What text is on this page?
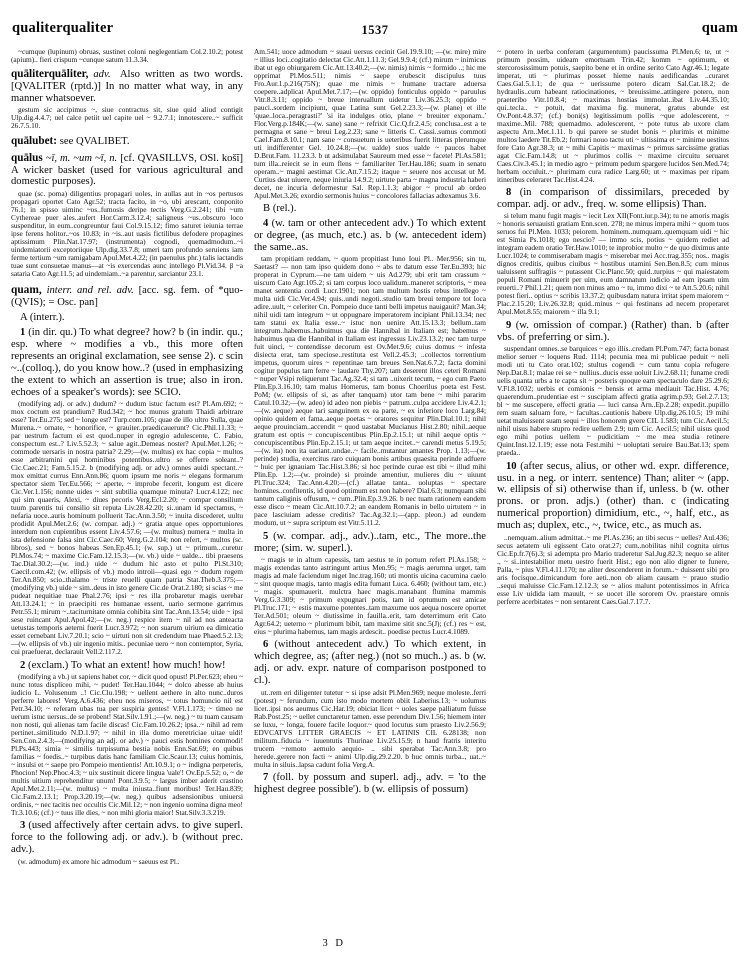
qualiterqualiter	1537	quam

~cumque (lupinum) obruas, sustinet coloni neglegentiam Col.2.10.2; potest (apium).. fieri crispum ~cunque satum 11.3.34.

quāliterquāliter, adv. Also written as two words. [QVALITER (rptd.)] In no matter what way, in any manner whatsoever.

gestum sic accipimus ~, siue contractus sit, siue quid aliud contigit Ulp.dig.4.4.7; uel calce petiit uel capite uel ~ 9.2.7.1; innotescere..~ sufficit 26.7.5.10.

quālubet: see QVALIBET.

quālus ~ī, m. ~um ~ī, n. [cf. QVASILLVS, OSl. košĭ] A wicker basket (used for various agricultural and domestic purposes).

quae (sc. poma) diligentius propagari uoles, in aullas aut in ~os pertusos propagari oportet Cato Agr.52; tracta facito, in ~o, ubi arescant, conponito 76.1; in spisso uiminc ~os..fumosis deripe tectis Verg.G.2.241; tibi ~um Cythereae puer ales..aufert Hor.Carm.3.12.4; saligneus ~us..obscuro loco suspenditur, in eum..congreuntur faui Col.9.15.12; fimo saturet ieiunia terrae ipse ferens holitor..~os 10.83; in ~is..aut uasis fictilibus defodere propagines aptissimum Plin.Nat.17.97; (instrumenta) cognodi, quemadmodum..~i uindemiatorii exceptoriique Ulp.dig.33.7.8; umeri tam profundo seruiens iam ferme tertium ~um ramigabam Apul.Met.4.22; (in paenulus phr.) talis iactandis tuae sunt consuetae manus—at ~is exercendas aunc intellego Pl.Vid.34. β ~a sataria Cato Agr.11.5; ad uindemiam..~a parentur, sarciantur 23.1.

quam, interr. and rel. adv. [acc. sg. fem. of *quo- (QVIS); = Osc. pan]

A (interr.).

1 (in dir. qu.) To what degree? how? b (in indir. qu.; esp. where ~ modifies a vb., this more often represents an original exclamation, see sense 2). c scin ~..(colloq.), do you know how..? (used in emphasizing the extent to which an assertion is true; also in iron. echoes of a speaker's words): see SCIO.

(modifying adj. or adv.) dudum? ~ dudum istuc factum est? Pl.Am.692; ~ mox coctum est prandium? Rud.342; ~ hoc munus gratum Thaidi arbitrare esse? Ter.Eu.275; sed ~ longe est? Turp.com.105; quae de illo ultro Sulla, quae Murena..~ ornate, ~ honorifice, ~ grauiter..praedicauerunt? Cic.Phil.11.33; ~ par uestrum factum ei est quod..nuper in egregio adulescente, C. Fabio, conspectum est..? Liv.5.52.3; ~ salue agit..Demeas noster? Apul.Met.1.26; ~ commode uersaris in nostra patria? 2.29;—(w. multus) ex hac copia ~ multos esse arbitramini qui hominibus potentibus..ultro se offerre soleant..? Cic.Caec.21; Fam.5.15.2. b (modifying adj. or adv.) omnes auidi spectant..~ mox emittat currus Enn.Ann.86; quom ipsum me noris ~ elegans formarum spectator siem Ter.Eu.566; ~ aperte, ~ improbe fecerit, longum est dicere Cic.Ver.1.156; nonne uides ~ sint subtilia quamque minuta? Lucr.4.122; nec qui sim quaeris, Alexi, ~ diues pecoris Verg.Ecl.2.20; ~ compar consilium tuum parentis tui consilio sit reputa Liv.28.42.20; si..unam id spectamus, ~ nefaria uoce..auris hominum polluerit Tac.Ann.3.50; ~ inuita discederet, uultu prodidit Apul.Met.2.6; (w. compar. adj.) ~ gratia atque opes opportuniores interdum non cupientibus essent Liv.4.57.6; —(w. multus) numera ~ multa in ista defensione falsa sint Cic.Caec.60; Verg.G.2.104; non refert, ~ multos (sc. libros), sed ~ bonos habeas Sen.Ep.45.1; (w. sup.) ut ~ primum...curetur Pl.Mos.74; ~ maxime Cic.Fam.12.15.3;—(w. vb.) uide ~ ualde... tibi praesens Tac.Dial.30.2;—(w. ind.) uide ~ dudum hic asto et pulto Pl.St.310; Caecil.com.42; (w. ellipsis of vb.) modo introii—quasi ego ~ dudum rogem Ter.An.850; scio..thalamo ~ triste reuelli quam patria Stat.Theb.3.375;—(modifying vb.) uide ~ sim..deus in isto genere Cic.de Orat.2.180; si scias ~ me pudeat nequitiae tuae Phal.2.76; ipsi ~ res illa probaretur magis uerebar Att.13.24.1; ~ in praecipiti res humanae essent, uario sermone garrimus Petr.55.1; mirum ~..taciturnitate omnia cohibita sint Tac.Ann.13.54; uide ~ ipsi sese ruincant Apul.Apol.42;—(w. neg.) respice item ~ nil ad nos anteacta uetustas temporis aeterni fuerit Lucr.3.972; ~ non suarum uirium ea dimicatio esset cernebant Liv.7.20.1; scio ~ uirtuti non sit credendum tuae Phaed.5.2.13;—(w. ellipsis of vb.) uir ingenio mitis.. pecuniae uero ~ non contemptor, Syria, cui praefuerat, declarauit Vell.2.117.2.

2 (exclam.) To what an extent! how much! how!

(modifying a vb.) ut sapiens habet cor, ~ dicit quod opust! Pl.Per.623; eheu ~ nunc totus displiceo mihi, ~ pudet! Ter.Hau.1044; ~ dolco abesse ab huius iudicio L. Volusenum ..! Cic.Clu.198; ~ uellent aethere in alto nunc..duros perferre labores! Verg.A.6.436; eheu nos miseros, ~ totus homuncio nil est Petr.34.10; ~ referam ubas tua per suspiria gentes! V.Fl.1.173; ~ timeo ne uerum istuc uersus..de se probent! Stat.Silv.1.91.;—(w. neg.) ~ tu tuam causam non nosti, qui alienas tam facile discas! Cic.Fam.10.26.2; ipsa..~ nihil ad rem pertinet..similitudo N.D.1.97; ~ nihil in illa domo meretriciae uitae uidi! Sen.Con.2.4.3;—(modifying an adj. or adv.) ~ pauci estis homines commodi! Pl.Ps.443; simia ~ similis turpissuma bestia nobis Enn.Sat.69; en quibus familias ~ foedis..~ turpibus datis hanc familiam Cic.Scaur.13; cuius hominis, ~ insulsi et ~ saepe pro Pompeio mentientis! Att.10.9.1; o ~ indigna perpeteris, Phocion! Nep.Phoc.4.3; ~ uix sustinuit dicere lingua 'uale'! Ov.Ep.5.52; o, ~ de multis uitium reprehenditur unum! Pont.3.9.5; ~ largus imber aderit crastino Apul.Met.2.11;—(w. multus) ~ multa iniusta..fiunt moribus! Ter.Hau.839; Cic.Fam.2.13.1; Prop.3.20.19;—(w. neg.) quibus adsensionibus uniuersi ordinis, ~ nec tacitis nec occultis Cic.Mil.12; ~ non ingenio uomina digna meo! Tr.3.10.6; (cf.) ~ tuus ille dies, ~ non mihi gloria maior! Stat.Silv.3.3.219.

3 (used affectively after certain advs. to give superl. force to the following adj. or adv.). b (without prec. adv.).

(w. admodum) ex amore hic admodum ~ saeuus est Pl..

Am.541; uoce admodum ~ suaui uersus cecinit Gel.19.9.10; —(w. mire) mire ~ illius loci..cogitatio delectat Cic.Att.1.11.3; Gel.9.9.4; (cf.) mirum ~ inimicus ibat ut ego obiurgarem Cic.Att.13.40.2;—(w. nimis) nimis ~ formido ..; hic me opprimat Pl.Mos.511; nimis ~ saepe erubescit discipulus tuus Fro.Aur.1.p.216(75N); quae me nimis ~ humane tractare aduersa coepere..adplicat Apul.Met.7.17;—(w. oppido) fonticulus oppido ~ paruulus Vitr.8.3.11; oppido ~ breue interuallum uidetur Liv.36.25.3; oppido ~ pauci..sordem incipiunt, quae Latina sunt Gel.2.23.3;—(w. plane) et ille 'quae..loca..peragrasti?' 'si ita indulges otio, plane ~ breuiter exponam..' Flor.Verg.p.184K;—(w. sane) sane ~ refrixit Cic.Q.fr.2.4.5; conclusa..est a te permagna et sane ~ breui Leg.2.23; sane ~ litteris C. Cassi..sumus commoti Cael.Fam.8.10.1; nam sane ~ consuetum is ueteribus fuerit litteras plerumque uti indifferenter Gel. 10.24.8;—(w. ualde) suos ualde ~ paucos habet D.Brut.Fam. 11.23.3. b ut adsimulabat Saureum med esse ~ facete! Pl.As.581; tum illa..reiecit se in eum flens ~ familiariter Ter.Hau.186; suam in senatu operam..~ magni aestimat Cic.Att.7.15.2; itaque ~ seuere nos accusat ut M. Curtius deat uiuere, neque iniuria 14.9.2; uirtute parta ~ magna industria haberi decet, ne incuria deformestur Sal. Rep.1.1.3; abigor ~ procul ab ordeo Apul.Met.3.26; exordio sermonis huius ~ concolores fallacias adtexamus 3.6.

B (rel.).

4 (w. tam or other antecedent adv.) To which extent or degree, (as much, etc.) as. b (w. antecedent idem) the same..as.

tam propitiam reddam, ~ quom propitiast Iuno Ioui Pl.. Mer.956; sin tu, Saetast? — non tam ipso quidem dono ~ abs te datum esse Ter.Eu.393; hic properat in Cyprum.—ne tam uidem ~ uis Ad.279; ubi erit tam crassum ~ uiscum Cato Agr.105.2; si tam corpus loco ualidum..maneret scriptoris, ~ mea manet sententia cordi Lucr.1901; non tam multum hostis rebus intellego ~ multa uidi Cic.Ver.4.94; quis..undi negoti..studio tam breui tempore tot loca adire..uult, ~ celeriter Cn. Pompeio duce tanti belli impetus nauigauit? Man.34; nihil uidi tam integrum ~ ut oppugnare imperatorem incipiant Phil.13.34; nec tam statui ex Italia esse..~ istuc non uenire Att.15.13.3; bellum..tam integrum..habemus..habuimus qua die Hannibal in Italiam est; habemus ~ habuimus qua die Hannibal in Italiam est ingressus Liv.23.13.2; nec tam turpe fuit uinci, ~ contendisse decorum est Ov.Met.9.6; cuius domus ~ infesta disiecta erat, tam speciose..restituta est Vell.2.45.3; ..collectos torrentium impetus, quorum uires ~ repentinae tam breues Sen.Nat.6.7.2; facta domini cogitur populus tam ferre ~ laudare Thy.207; tam deserent illos ceteri Romani ~ nuper Vsipi reliquerunt Tac.Ag.32.4; si tam ..uixerit tecum, ~ ego cum Paeto Plin.Ep.3.16.10; tam malus Homerus, tam bonus Choerilus poeta est Fest. PoM; (w. ellipsis of si, as after tanquam) utor tam bene ~ mihi pararim Catul.10.32;—(w. adeo) id adeo non piebis ~ patrum..culpa accidere Liv.4.2.1;—(w. aeque) aeque tari sanguinem ex ea parte, ~ ex inferiore loco Larg.84; opinio quidem et fama..aeque poetas ~ oratores sequitur Plin.Dial.10.1; nihil aeque prouinciam..accendit ~ quod uastabat Mucianus Hist.2.80; nihil..aeque gratum est optis ~ concupiscentibus Plin.Ep.2.15.1; ut nihil aeque optis ~ concupiscentibus Plin.Ep.2.15.1; ut tam aeque incitet..~ carendi metus 5.19.5;—(w. ita) non ita uariant..undae..~ facile..mutantur amantes Prop. 1.13;—(w. perinde) studia, exercitus raro cuiquam bonis artibus quaesita perinde adfuere ~ huic per ignauiam Tac.Hist.3.86; si hoc perinde curae est tibi ~ illud mihi Plin.Ep. 1.2;—(w. proinde) si proinde amentiur, mulieres diu ~ uiuunt Pl.Truc.324; Tac.Ann.4.20;—(cf.) allatae tanta.. uoluptas ~ spectare homines..confitentis, id quod optimum est non habere? Dial.6.3; numquam sibi tantum caliginis offusum, ~ cum..Plin.Ep.3.9.26. b nec tuam rationem eandem esse disco ~ meam Cic.Att.10.7.2; an eandem Romanis in bello uirtutem ~ in pace lasciuiam adesse creditis? Tac.Ag.32.1;—(app. pleon.) ad eundem modum, ut ~ supra scriptum est Vitr.5.11.2.

5 (w. compar. adj., adv.)..tam, etc., The more..the more; (sim. w. superl.).

~ magis te in altum capessis, tam aestus te in portum refert Pl.As.158; ~ magis extendas tanto astringunt artius Men.95; ~ magis aerumna urget, tam magis ad male faciendum niget Inc.trag.160; uti montis uicina cacumina caelo ~ sint quoque magis, tanto magis edita fumant Luca. 6.460; (without tam, etc.) ~ magis. spumauerit. mulctra haec magis..manabant flumina mammis Verg.G.3.309; ~ primum expugnari potis, tam id optumum est amicae Pl.Truc.171; ~ estis maxume potentes..tam maxume uos aequa noscere oportet Ter.Ad.501; oleum ~ diutissime in fauilla..erit, tam deterrimum erit Cato Agr.64.2; ueterno ~ plurimum bibit, tam maxime sitit snc.5(J); (cf.) res ~ est, eius ~ plurima habemus, tam magis ardescit.. poedise pectus Lucr.4.1089.

6 (without antecedent adv.) To which extent, in which degree, as; (after neg.) (not so much..) as. b (w. adj. or adv. expr. nature of comparison postponed to cl.).

ut..rem eri diligenter tutetur ~ si ipse adsit Pl.Men.969; neque moleste..ferri (potest) ~ ferundum, cum isto modo mortem obiit Laberius.13; ~ uolumus licet..ipsi nos aeumus Cic.Har.19; obiciat licet ~ uoles saepe palliatum fuisse Rab.Post.25; ~ uellet cunctaretur tamen. esse perendum Div.1.56; hiemem inter se luxu, ~ longa, fouere facile loquor.~ quod locutus sum praesto Liv.2.56.9; EDVCATVS LITTER GRAECIS ~ ET LATINIS CIL 6.28138; non militum..fiducia ~ iuuentutis Thurinae Liv.25.15.9; n haud fratris interitu trucem ~remoto aemulo aequio- .. sibi sperabat Tac.Ann.3.8; pro herede..gerere non facti ~ animi Ulp.dig.29.2.20. b huc omnis turba.., uat..~ multa in siluis..lapsa cadunt folia Verg.A.

7 (foll. by possum and superl. adj., adv. = 'to the highest degree possible'). b (w. ellipsis of possum)

~ potero in uerba conferam (argumentum) paucissuma Pl.Men.6; te, ut ~ primum possim, uideam emortuam Trin.42; komm ~ optimum, et stercorosissimum potuis, saepito bene et in ordine serito Cato Agr.46.1; legate imperat, uti ~ plurimas posset hieme nauis aedificandas ..curaret Caes.Gal.5.1.1; de qua ~ uerissume potero dicam Sal.Cat.18.2; de hydraulis..cum habeant ratiocinationes, ~ breuissime..attingere potero, non praeteribo Vitr.10.8.4; ~ maximas hostias immolat..ibat Liv.44.35.10; qui..tecla.. ~ potuit, dat maxima fig. munerat, gratus abunde est Ov.Pont.4.8.37; (cf.) boni(s) legitissimum pollis ~que adolescerent, ~ maxime..Mil. 788; quemadmo. adolescerent, ~ pote tutus ab uxore clam aspectu Arn..Met.1.11. b qui parere se studet bonis ~ plurimis et minime multos laedere Tit.Eb.2; formari nouo tactu uti ~ ultissima et ~ minime uestitos fore Cato Agr.38.3; ut ~ mihi Capitis ~ maximas ~ primus sarcissime gratias agat Cic.Fam.14.8; ut ~ plurimos collis ~ maxime circuitu seruaret Caes.Civ.3.45.1; in medio agro ~ primum pedum spargere lucidos Sen.Med.74; herbam occuluit..~ plurimam cura radice Larg.60; ut ~ maximas per ripam itineribus celeraret Tac.Hist.4.24.

8 (in comparison of dissimilars, preceded by compar. adj. or adv., freq. w. some ellipsis) Than.

si telum manu fugit magis ~ iecit Lex XII(Font.iur.p.34); tu ne amoris magis ~ honoris seruauisti gratiam Enn.scen. 278; ne minus impera mihi ~ quom tuos seruos fui Pl.Men. 1033; peiorem. hominem..numquam..quemquam uidi ~ hic est Simia Ps.1018; ego nescio? — immo scis, potius ~ quidem rediet ad integram eadem oratio Ter.Haw.1010; te inprobior multo ~ de quo diximus ante Lucr.1024; te commiserabam magis ~ miserebar mei Acc.trag.355; nos.. magis dignos creditis, quibus ciuibus ~ hostibus utamini Sen.Ben.8.5; cum minus ualuissent suffragiis ~ putassent Cic.Planc.50; quid..turpius ~ qui maiestatem populi Romani minuerit per uim, eum damnatum iudicio ad eam ipsam uim reuerti..? Phil.1.21; quem non minus amo ~ tu, immo dixi ~ te Att.5.20.6; nihil potest fieri.. optius ~ scribis 13.37.2; quibusdam natura irritat spem maiorem ~ Plac.2.15.20; Liv.26.32.8; quid..minus ~ qui festinans ad necem properaret Apul.Met.8.55; maiorem ~ illa 9.1;

9 (w. omission of compar.) (Rather) than. b (after vbs. of preferring or sim.).

suspendant omnes..se barquices ~ ego illis..credam Pl.Pom.747; facta bonast melior seruer ~ loquens Rud. 1114; pecunia mea mi publicae peduit ~ neli modi uti tu Cato orat.102; stultus cogendi ~ cum tantu copia refugere Nep.Dat.8.1; malae rei se ~ nullius..ducis esse uoluit Liv.2.68.11; funame credi uelis quanta urbs a te capta sit ~ posteris quoque eam spectaculo dare 25.29.6; V.Fl.8.1032; uerbis et comionis ~ bensis et arma mediauit Tac.Hist. 4.76; quaerendum..prudentiae est ~ suscipiam affecti gratia agrim.p.93; Gel.2.7.13; bl ~ me suscepere, effecti gratia — luci cansa Arn..Ep.2.28; expedit..pupillo rem suam saluam fore, ~ facultas..cautionis habere Ulp.dig.26.10.5; 19 mihi uetat maluissent suam sequi ~ illos honorem gvere CIL 1.583; tum Cic.Aecil.5; nihil uisus habere stupro redire uellem 2.9; tum Cic. Aecil.5; nihil uisus quod ego mihi potius uellem ~ pudicitiam ~ me mea studia retinere Quint.Inst.12.1.19; esse nota Fest.mihi ~ uoluptati seruire Bau.Bat.13; spem praeda..

10 (after secus, alius, or other wd. expr. difference, usu. in a neg. or interr. sentence) Than; aliter ~ (app. w. ellipsis of si) otherwise than if, unless. b (w. other prons. or pron. adjs.) (other) than. c (indicating numerical proportion) dimidium, etc., ~, half, etc., as much as; duplex, etc., ~, twice, etc., as much as.

..nemquam..alium admittat..~ me Pl.As.236; an tibi secus ~ uelles? Aul.436; secus aetatem uli egissent Cato orat.27; cum..nobilitas nihil cognita uirtus Cic.Ep.fr.7(6).3; si adempta pro Mario traderetur Sal.Jug.82.3; nequo se aliter ., ~ si..intestabilior metu uestro fuerit Hist.; ego non alio digner te funere, Palla, ~ pius V.Fl.4.11.170; ne aliter descenderent in forum..~ duissent sibi pro aris focisque..dimicandum fore aeti..non ob aliam causam ~ prauo studio ..sequi maluisse Cic.Fam.12.12.3; se ~ alios malunt potentissimos in Africa esse Liv uidida iam mauult, ~ se uocet ille sororem Ov. praestare omnis perferre acerbitates ~ non sentarent Caes.Gal.7.17.7.

3 D
